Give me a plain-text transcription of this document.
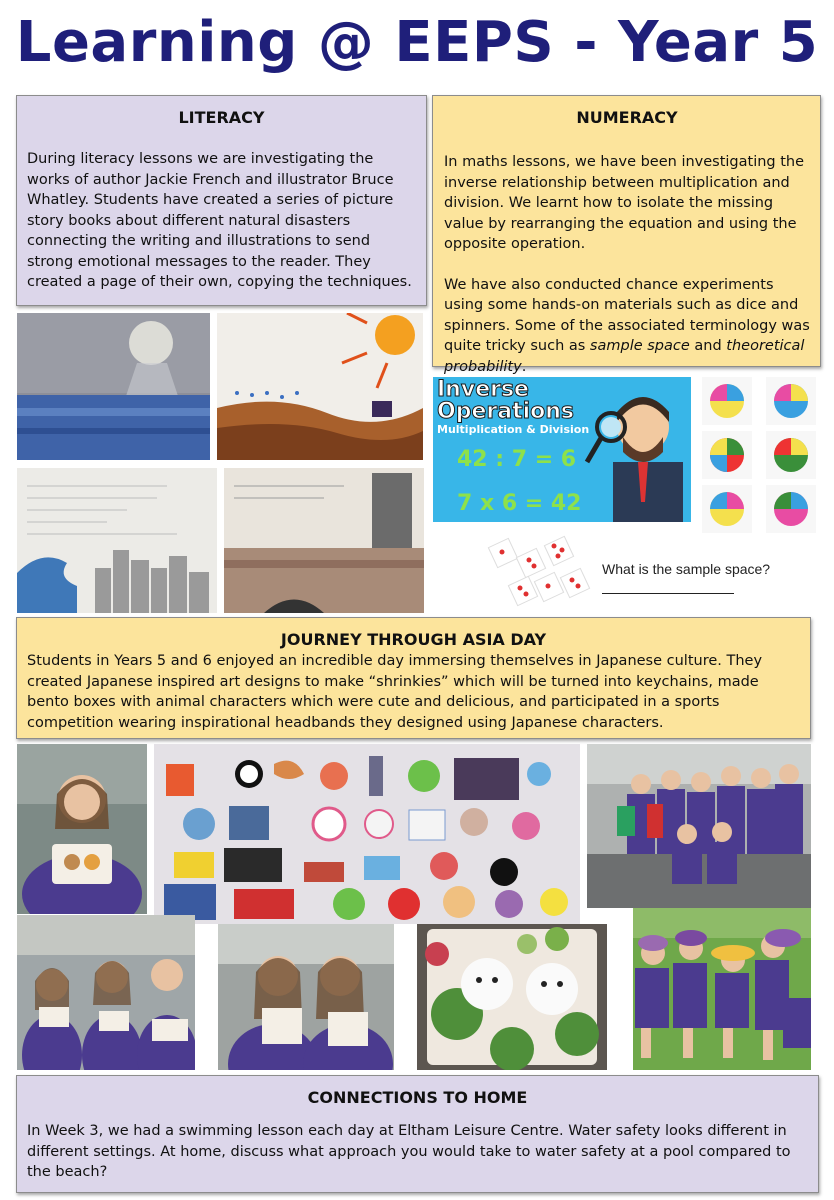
Learning @ EEPS - Year 5
LITERACY

During literacy lessons we are investigating the works of author Jackie French and illustrator Bruce Whatley. Students have created a series of picture story books about different natural disasters connecting the writing and illustrations to send strong emotional messages to the reader. They created a page of their own, copying the techniques.

NUMERACY

In maths lessons, we have been investigating the inverse relationship between multiplication and division. We learnt how to isolate the missing value by rearranging the equation and using the opposite operation.

We have also conducted chance experiments using some hands-on materials such as dice and spinners. Some of the associated terminology was quite tricky such as sample space and theoretical probability.

Inverse
Operations
Multiplication & Division
42 : 7 = 6
7 x 6 = 42
What is the sample space?
JOURNEY THROUGH ASIA DAY

Students in Years 5 and 6 enjoyed an incredible day immersing themselves in Japanese culture. They created Japanese inspired art designs to make “shrinkies” which will be turned into keychains, made bento boxes with animal characters which were cute and delicious, and participated in a sports competition wearing inspirational headbands they designed using Japanese characters.

CONNECTIONS TO HOME

In Week 3, we had a swimming lesson each day at Eltham Leisure Centre. Water safety looks different in different settings. At home, discuss what approach you would take to water safety at a pool compared to the beach?
